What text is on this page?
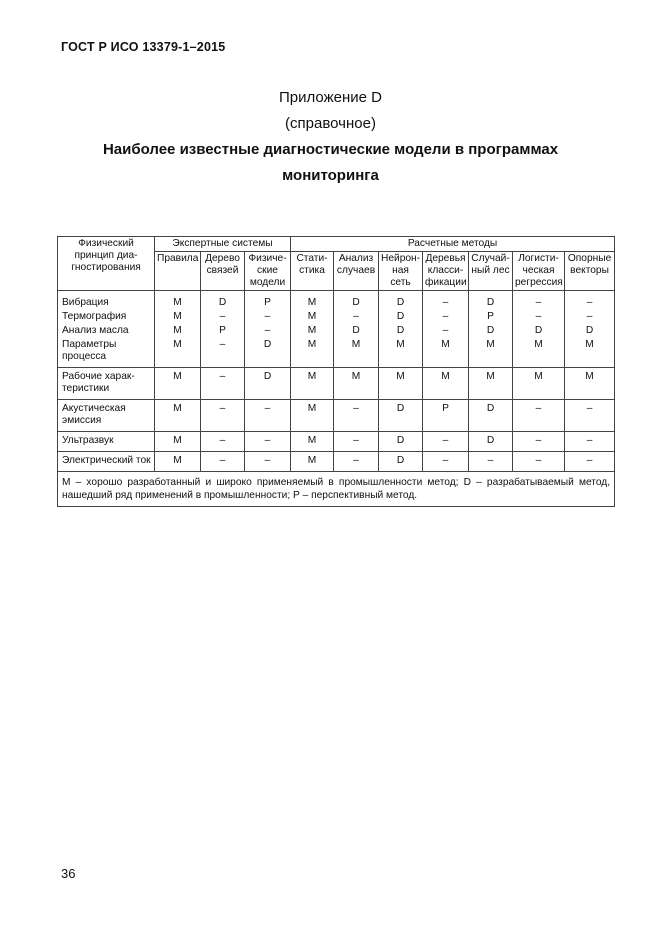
ГОСТ Р ИСО 13379-1–2015
Приложение D
(справочное)
Наиболее известные диагностические модели в программах
мониторинга
Физический принцип диа-гностирования	Экспертные системы			Расчетные методы						
	Правила	Дерево связей	Физиче-ские модели	Стати-стика	Анализ случаев	Нейрон-ная сеть	Деревья класси-фикации	Случай-ный лес	Логисти-ческая регрессия	Опорные векторы
Вибрация	M	D	P	M	D	D	–	D	–	–
Термография	M	–	–	M	–	D	–	P	–	–
Анализ масла	M	P	–	M	D	D	–	D	D	D
Параметры процесса	M	–	D	M	M	M	M	M	M	M
Рабочие харак-теристики	M	–	D	M	M	M	M	M	M	M
Акустическая эмиссия	M	–	–	M	–	D	P	D	–	–
Ультразвук	M	–	–	M	–	D	–	D	–	–
Электрический ток	M	–	–	M	–	D	–	–	–	–
М – хорошо разработанный и широко применяемый в промышленности метод; D – разрабатываемый метод, нашедший ряд применений в промышленности; Р – перспективный метод.										
36
